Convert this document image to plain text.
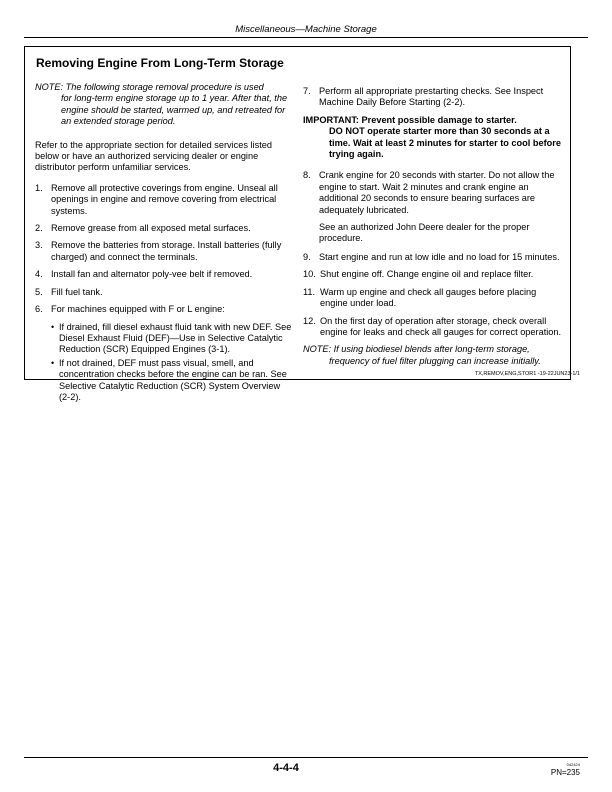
Miscellaneous—Machine Storage
Removing Engine From Long-Term Storage
NOTE: The following storage removal procedure is used
for long-term engine storage up to 1 year. After that, the engine should be started, warmed up, and retreated for an extended storage period.
Refer to the appropriate section for detailed services listed below or have an authorized servicing dealer or engine distributor perform unfamiliar services.
1. Remove all protective coverings from engine. Unseal all openings in engine and remove covering from electrical systems.
2. Remove grease from all exposed metal surfaces.
3. Remove the batteries from storage. Install batteries (fully charged) and connect the terminals.
4. Install fan and alternator poly-vee belt if removed.
5. Fill fuel tank.
6. For machines equipped with F or L engine:
• If drained, fill diesel exhaust fluid tank with new DEF. See Diesel Exhaust Fluid (DEF)—Use in Selective Catalytic Reduction (SCR) Equipped Engines (3-1).
• If not drained, DEF must pass visual, smell, and concentration checks before the engine can be ran. See Selective Catalytic Reduction (SCR) System Overview (2-2).
7. Perform all appropriate prestarting checks. See Inspect Machine Daily Before Starting (2-2).
IMPORTANT: Prevent possible damage to starter.
DO NOT operate starter more than 30 seconds at a time. Wait at least 2 minutes for starter to cool before trying again.
8. Crank engine for 20 seconds with starter. Do not allow the engine to start. Wait 2 minutes and crank engine an additional 20 seconds to ensure bearing surfaces are adequately lubricated.
See an authorized John Deere dealer for the proper procedure.
9. Start engine and run at low idle and no load for 15 minutes.
10. Shut engine off. Change engine oil and replace filter.
11. Warm up engine and check all gauges before placing engine under load.
12. On the first day of operation after storage, check overall engine for leaks and check all gauges for correct operation.
NOTE: If using biodiesel blends after long-term storage,
frequency of fuel filter plugging can increase initially.
TX,REMOV,ENG,STOR1 -19-22JUN23-1/1
4-4-4	042424
PN=235
